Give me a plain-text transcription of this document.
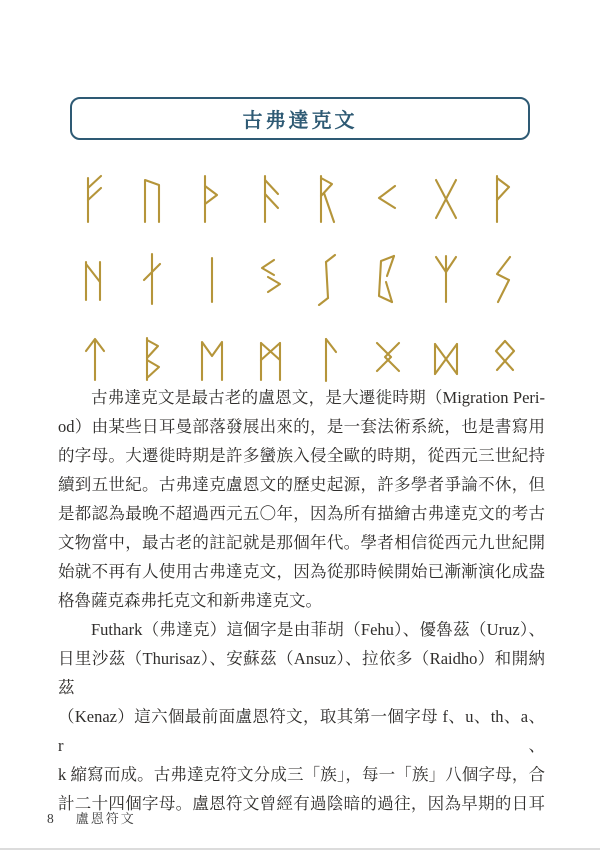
古弗達克文
古弗達克文是最古老的盧恩文，是大遷徙時期（Migration Peri-
od）由某些日耳曼部落發展出來的，是一套法術系統，也是書寫用
的字母。大遷徙時期是許多蠻族入侵全歐的時期，從西元三世紀持
續到五世紀。古弗達克盧恩文的歷史起源，許多學者爭論不休，但
是都認為最晚不超過西元五〇年，因為所有描繪古弗達克文的考古
文物當中，最古老的註記就是那個年代。學者相信從西元九世紀開
始就不再有人使用古弗達克文，因為從那時候開始已漸漸演化成盎
格魯薩克森弗托克文和新弗達克文。
Futhark（弗達克）這個字是由菲胡（Fehu）、優魯茲（Uruz）、
日里沙茲（Thurisaz）、安蘇茲（Ansuz）、拉依多（Raidho）和開納茲
（Kenaz）這六個最前面盧恩符文，取其第一個字母 f、u、th、a、r、
k 縮寫而成。古弗達克符文分成三「族」，每一「族」八個字母，合
計二十四個字母。盧恩符文曾經有過陰暗的過往，因為早期的日耳
8 盧恩符文
